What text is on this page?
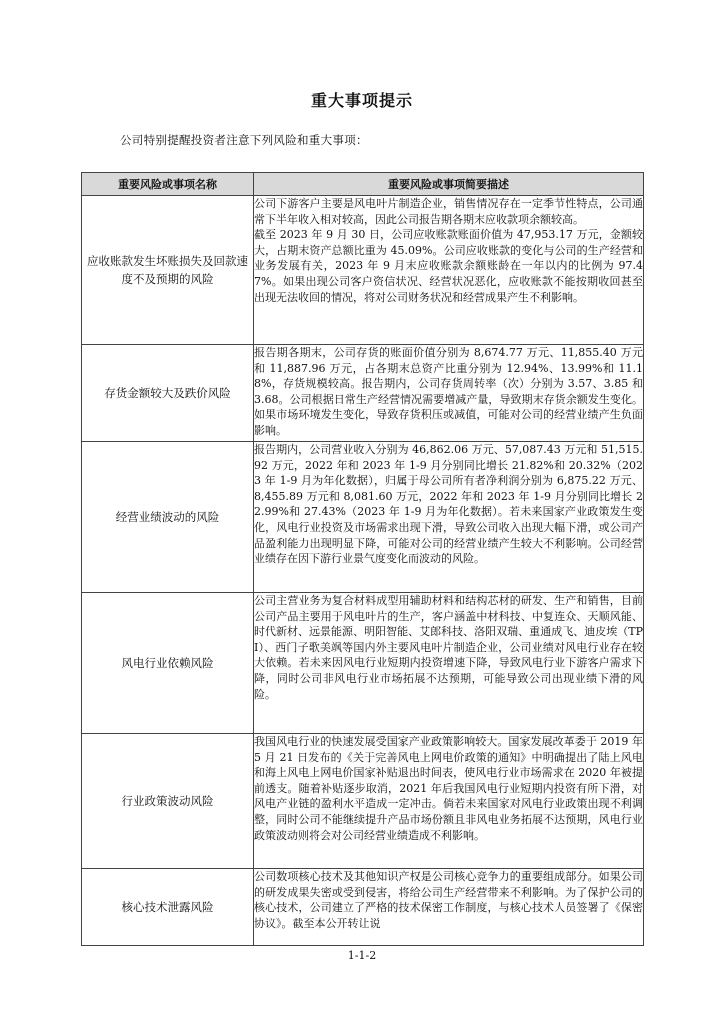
重大事项提示
公司特别提醒投资者注意下列风险和重大事项：
重要风险或事项名称	重要风险或事项简要描述
应收账款发生坏账损失及回款速度不及预期的风险	公司下游客户主要是风电叶片制造企业，销售情况存在一定季节性特点，公司通常下半年收入相对较高，因此公司报告期各期末应收款项余额较高。
截至 2023 年 9 月 30 日，公司应收账款账面价值为 47,953.17 万元，金额较大，占期末资产总额比重为 45.09%。公司应收账款的变化与公司的生产经营和业务发展有关，2023 年 9 月末应收账款余额账龄在一年以内的比例为 97.47%。如果出现公司客户资信状况、经营状况恶化，应收账款不能按期收回甚至出现无法收回的情况，将对公司财务状况和经营成果产生不利影响。

存货金额较大及跌价风险	报告期各期末，公司存货的账面价值分别为 8,674.77 万元、11,855.40 万元和 11,887.96 万元，占各期末总资产比重分别为 12.94%、13.99%和 11.18%，存货规模较高。报告期内，公司存货周转率（次）分别为 3.57、3.85 和 3.68。公司根据日常生产经营情况需要增减产量，导致期末存货余额发生变化。如果市场环境发生变化，导致存货积压或减值，可能对公司的经营业绩产生负面影响。

经营业绩波动的风险	报告期内，公司营业收入分别为 46,862.06 万元、57,087.43 万元和 51,515.92 万元，2022 年和 2023 年 1-9 月分别同比增长 21.82%和 20.32%（2023 年 1-9 月为年化数据），归属于母公司所有者净利润分别为 6,875.22 万元、8,455.89 万元和 8,081.60 万元，2022 年和 2023 年 1-9 月分别同比增长 22.99%和 27.43%（2023 年 1-9 月为年化数据）。若未来国家产业政策发生变化，风电行业投资及市场需求出现下滑，导致公司收入出现大幅下滑，或公司产品盈利能力出现明显下降，可能对公司的经营业绩产生较大不利影响。公司经营业绩存在因下游行业景气度变化而波动的风险。

风电行业依赖风险	公司主营业务为复合材料成型用辅助材料和结构芯材的研发、生产和销售，目前公司产品主要用于风电叶片的生产，客户涵盖中材科技、中复连众、天顺风能、时代新材、远景能源、明阳智能、艾郎科技、洛阳双瑞、重通成飞、迪皮埃（TPI）、西门子歌美飒等国内外主要风电叶片制造企业，公司业绩对风电行业存在较大依赖。若未来因风电行业短期内投资增速下降，导致风电行业下游客户需求下降，同时公司非风电行业市场拓展不达预期，可能导致公司出现业绩下滑的风险。

行业政策波动风险	我国风电行业的快速发展受国家产业政策影响较大。国家发展改革委于 2019 年 5 月 21 日发布的《关于完善风电上网电价政策的通知》中明确提出了陆上风电和海上风电上网电价国家补贴退出时间表，使风电行业市场需求在 2020 年被提前透支。随着补贴逐步取消，2021 年后我国风电行业短期内投资有所下滑，对风电产业链的盈利水平造成一定冲击。倘若未来国家对风电行业政策出现不利调整，同时公司不能继续提升产品市场份额且非风电业务拓展不达预期，风电行业政策波动则将会对公司经营业绩造成不利影响。

核心技术泄露风险	公司数项核心技术及其他知识产权是公司核心竞争力的重要组成部分。如果公司的研发成果失密或受到侵害，将给公司生产经营带来不利影响。为了保护公司的核心技术，公司建立了严格的技术保密工作制度，与核心技术人员签署了《保密协议》。截至本公开转让说
1-1-2
